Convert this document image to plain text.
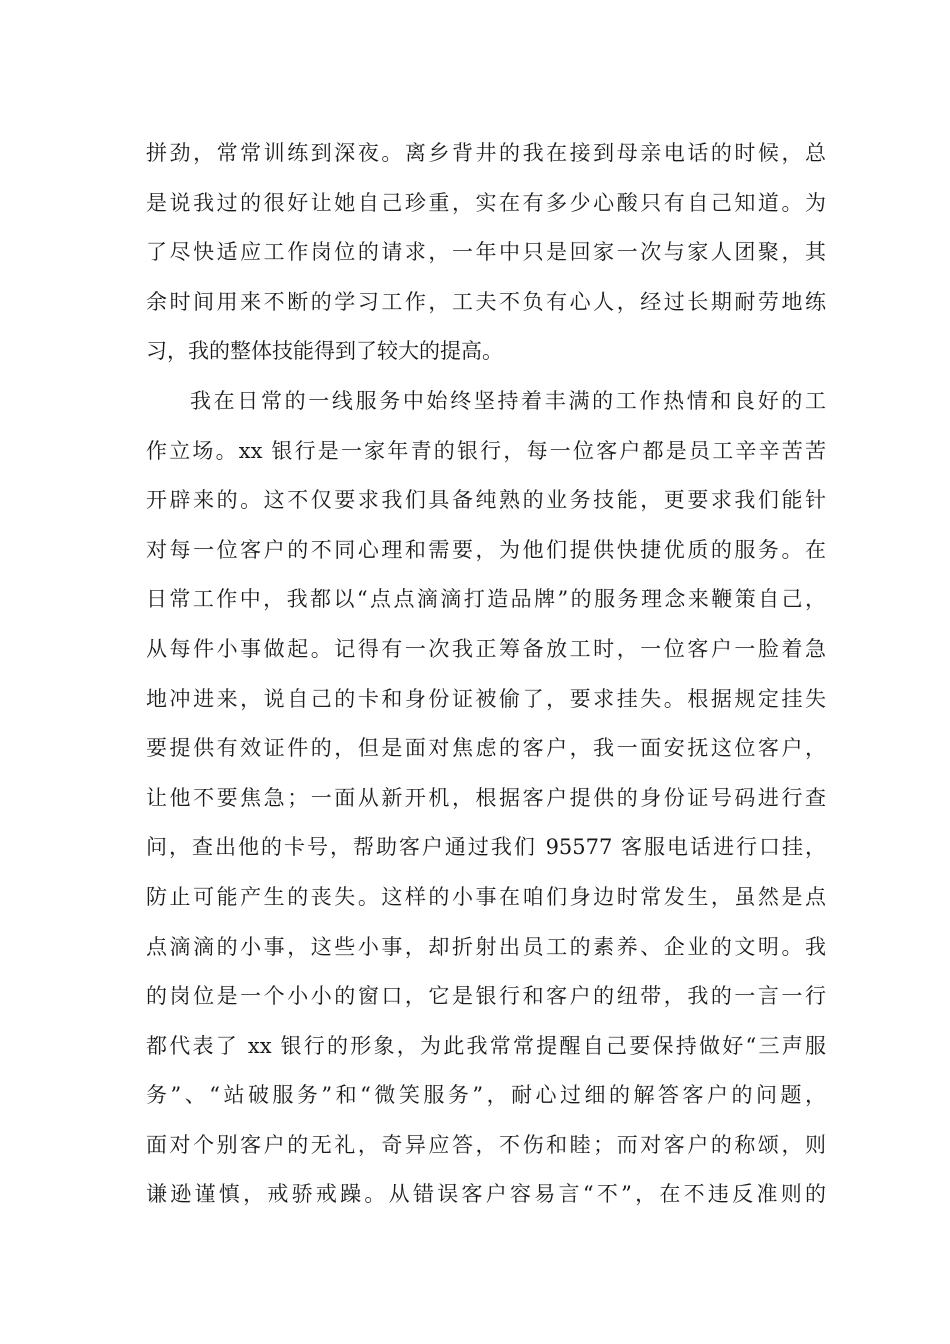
拼劲，常常训练到深夜。离乡背井的我在接到母亲电话的时候，总
是说我过的很好让她自己珍重，实在有多少心酸只有自己知道。为
了尽快适应工作岗位的请求，一年中只是回家一次与家人团聚，其
余时间用来不断的学习工作，工夫不负有心人，经过长期耐劳地练
习，我的整体技能得到了较大的提高。
我在日常的一线服务中始终坚持着丰满的工作热情和良好的工
作立场。xx 银行是一家年青的银行，每一位客户都是员工辛辛苦苦
开辟来的。这不仅要求我们具备纯熟的业务技能，更要求我们能针
对每一位客户的不同心理和需要，为他们提供快捷优质的服务。在
日常工作中，我都以“点点滴滴打造品牌”的服务理念来鞭策自己，
从每件小事做起。记得有一次我正筹备放工时，一位客户一脸着急
地冲进来，说自己的卡和身份证被偷了，要求挂失。根据规定挂失
要提供有效证件的，但是面对焦虑的客户，我一面安抚这位客户，
让他不要焦急；一面从新开机，根据客户提供的身份证号码进行查
问，查出他的卡号，帮助客户通过我们 95577 客服电话进行口挂，
防止可能产生的丧失。这样的小事在咱们身边时常发生，虽然是点
点滴滴的小事，这些小事，却折射出员工的素养、企业的文明。我
的岗位是一个小小的窗口，它是银行和客户的纽带，我的一言一行
都代表了 xx 银行的形象，为此我常常提醒自己要保持做好“三声服
务”、“站破服务”和“微笑服务”，耐心过细的解答客户的问题，
面对个别客户的无礼，奇异应答，不伤和睦；而对客户的称颂，则
谦逊谨慎，戒骄戒躁。从错误客户容易言“不”，在不违反准则的
